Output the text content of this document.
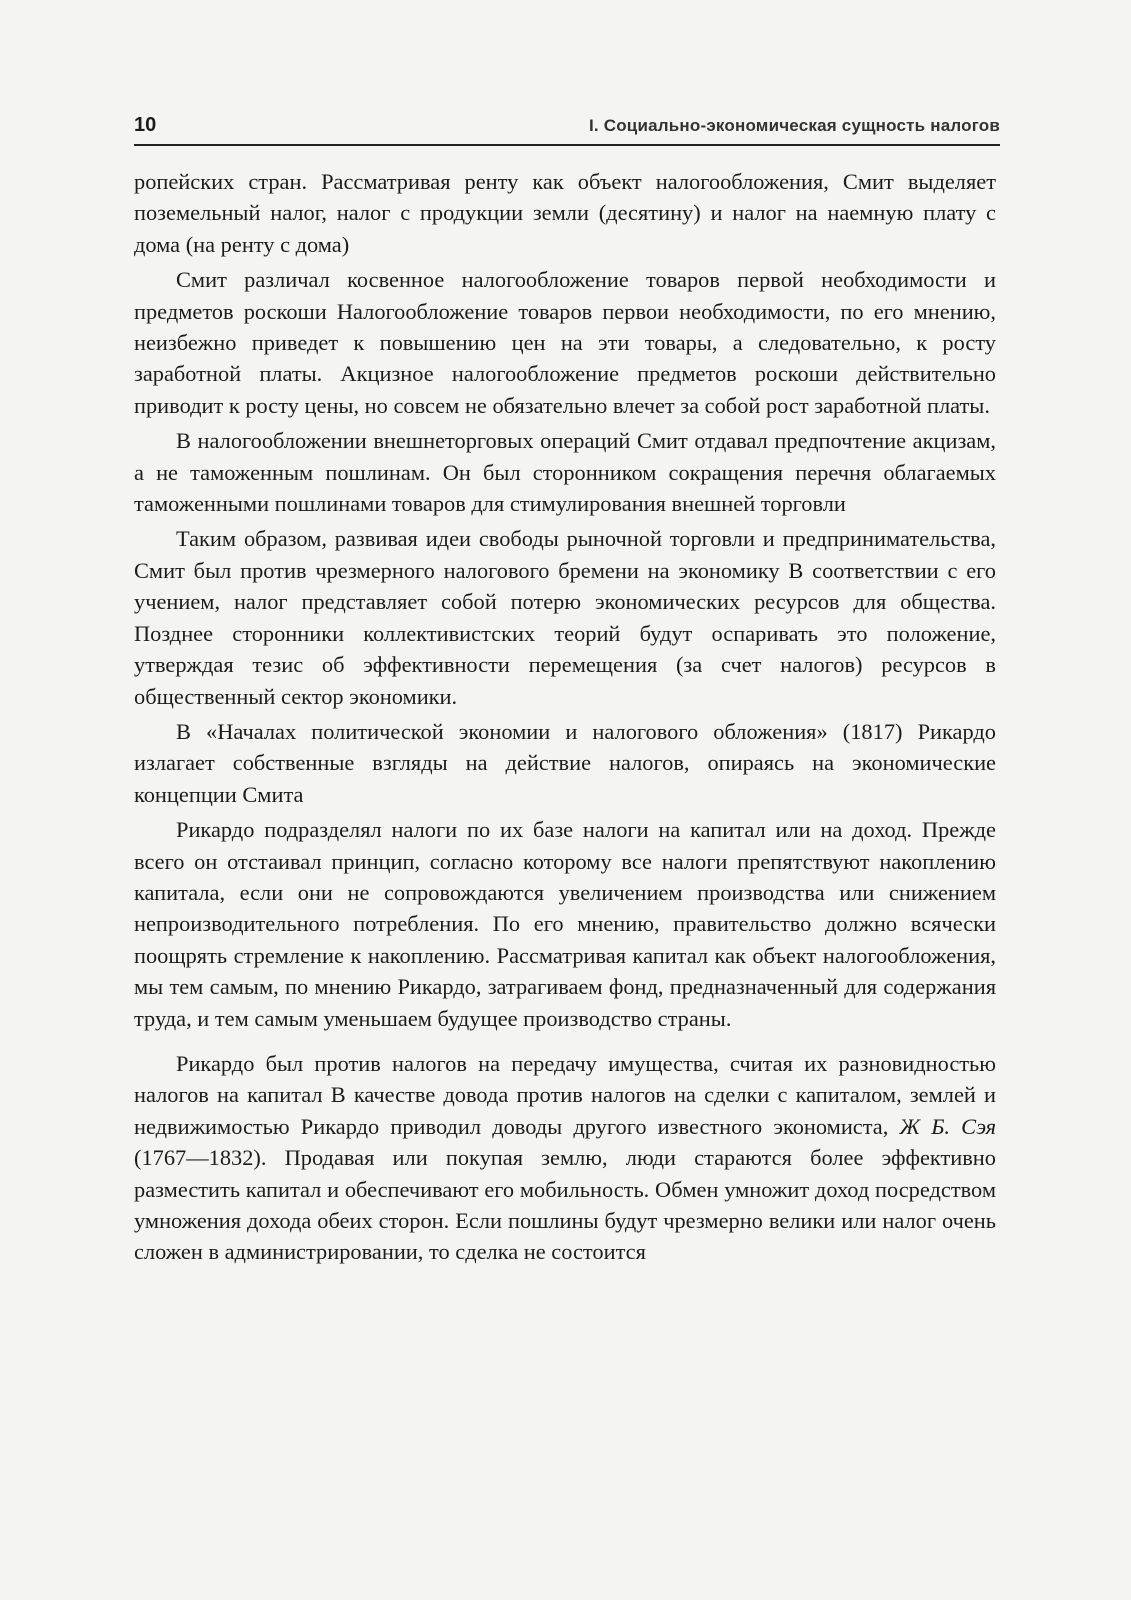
10	I. Социально-экономическая сущность налогов

ропейских стран. Рассматривая ренту как объект налогообложения, Смит выделяет поземельный налог, налог с продукции земли (десятину) и налог на наемную плату с дома (на ренту с дома)

Смит различал косвенное налогообложение товаров первой необходимости и предметов роскоши Налогообложение товаров первои необходимости, по его мнению, неизбежно приведет к повышению цен на эти товары, а следовательно, к росту заработной платы. Акцизное налогообложение предметов роскоши действительно приводит к росту цены, но совсем не обязательно влечет за собой рост заработной платы.

В налогообложении внешнеторговых операций Смит отдавал предпочтение акцизам, а не таможенным пошлинам. Он был сторонником сокращения перечня облагаемых таможенными пошлинами товаров для стимулирования внешней торговли

Таким образом, развивая идеи свободы рыночной торговли и предпринимательства, Смит был против чрезмерного налогового бремени на экономику В соответствии с его учением, налог представляет собой потерю экономических ресурсов для общества. Позднее сторонники коллективистских теорий будут оспаривать это положение, утверждая тезис об эффективности перемещения (за счет налогов) ресурсов в общественный сектор экономики.

В «Началах политической экономии и налогового обложения» (1817) Рикардо излагает собственные взгляды на действие налогов, опираясь на экономические концепции Смита

Рикардо подразделял налоги по их базе налоги на капитал или на доход. Прежде всего он отстаивал принцип, согласно которому все налоги препятствуют накоплению капитала, если они не сопровождаются увеличением производства или снижением непроизводительного потребления. По его мнению, правительство должно всячески поощрять стремление к накоплению. Рассматривая капитал как объект налогообложения, мы тем самым, по мнению Рикардо, затрагиваем фонд, предназначенный для содержания труда, и тем самым уменьшаем будущее производство страны.

Рикардо был против налогов на передачу имущества, считая их разновидностью налогов на капитал В качестве довода против налогов на сделки с капиталом, землей и недвижимостью Рикардо приводил доводы другого известного экономиста, Ж Б. Сэя (1767—1832). Продавая или покупая землю, люди стараются более эффективно разместить капитал и обеспечивают его мобильность. Обмен умножит доход посредством умножения дохода обеих сторон. Если пошлины будут чрезмерно велики или налог очень сложен в администрировании, то сделка не состоится
